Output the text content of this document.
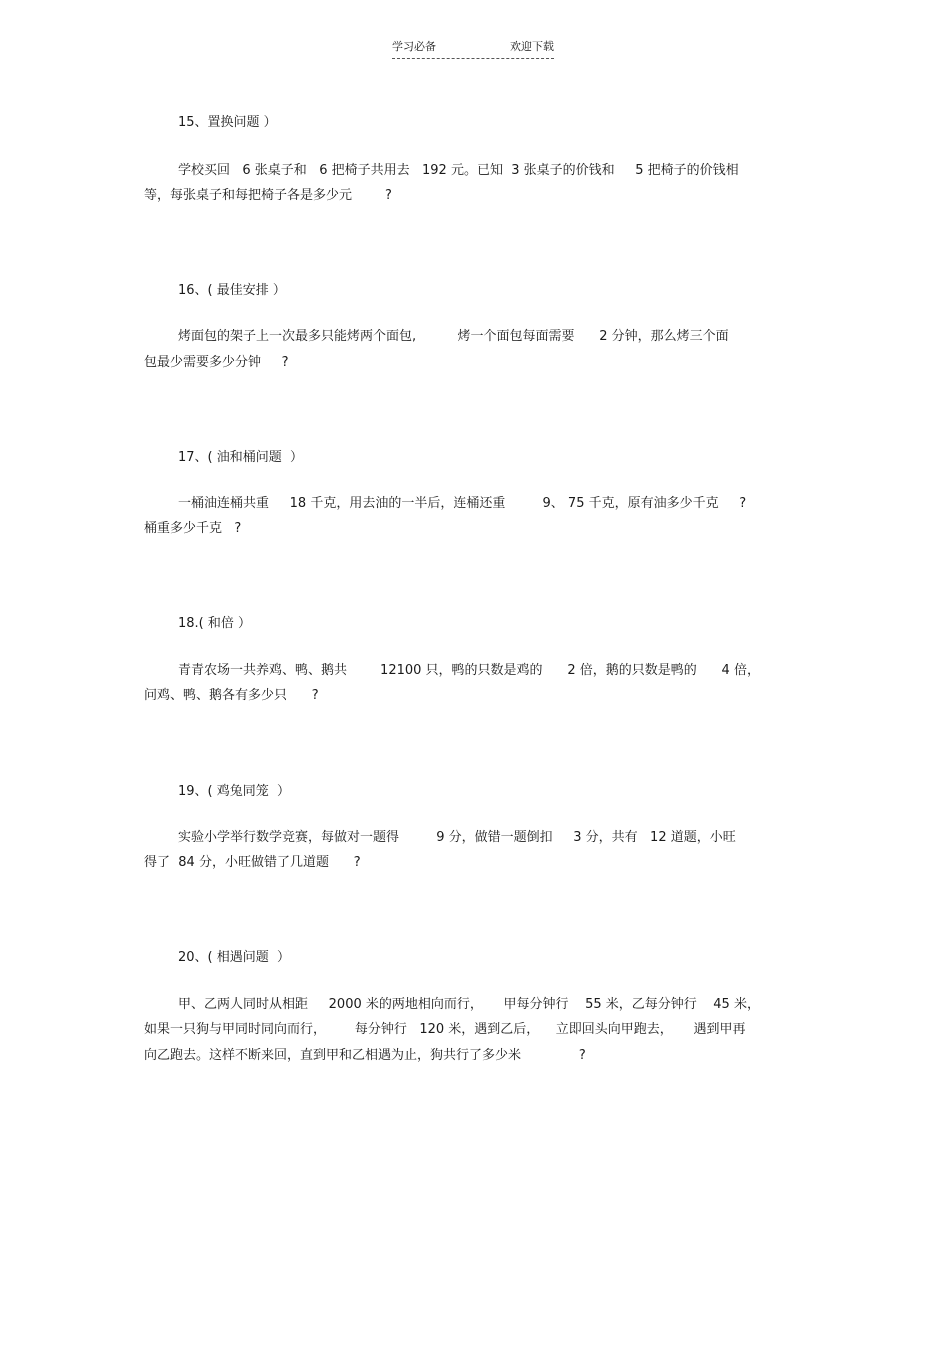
学习必备	欢迎下载
15、置换问题 ）
学校买回   6 张桌子和   6 把椅子共用去   192 元。已知  3 张桌子的价钱和     5 把椅子的价钱相
等，每张桌子和每把椅子各是多少元        ?
16、( 最佳安排 ）
烤面包的架子上一次最多只能烤两个面包,          烤一个面包每面需要      2 分钟，那么烤三个面
包最少需要多少分钟     ?
17、( 油和桶问题  ）
一桶油连桶共重     18 千克，用去油的一半后，连桶还重         9、 75 千克，原有油多少千克     ?
桶重多少千克   ?
18.( 和倍 ）
青青农场一共养鸡、鸭、鹅共        12100 只，鸭的只数是鸡的      2 倍，鹅的只数是鸭的      4 倍，
问鸡、鸭、鹅各有多少只      ?
19、( 鸡兔同笼  ）
实验小学举行数学竞赛，每做对一题得         9 分，做错一题倒扣     3 分，共有   12 道题，小旺
得了  84 分，小旺做错了几道题      ?
20、( 相遇问题  ）
甲、乙两人同时从相距     2000 米的两地相向而行，     甲每分钟行    55 米，乙每分钟行    45 米，
如果一只狗与甲同时同向而行，       每分钟行   120 米，遇到乙后，    立即回头向甲跑去，     遇到甲再
向乙跑去。这样不断来回，直到甲和乙相遇为止，狗共行了多少米              ?
